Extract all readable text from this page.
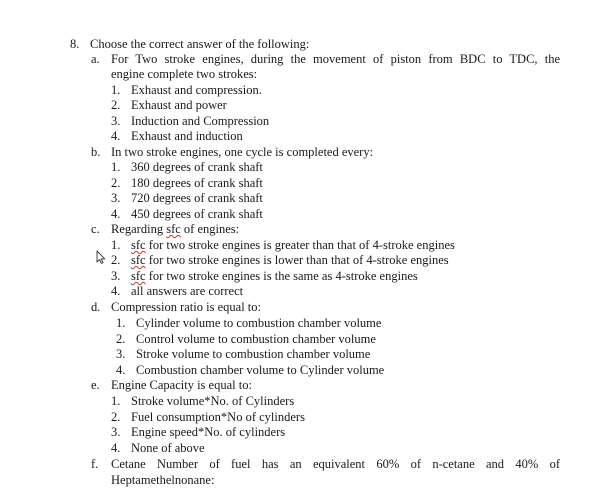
8. Choose the correct answer of the following:
a. For Two stroke engines, during the movement of piston from BDC to TDC, the
engine complete two strokes:
1. Exhaust and compression.
2. Exhaust and power
3. Induction and Compression
4. Exhaust and induction
b. In two stroke engines, one cycle is completed every:
1. 360 degrees of crank shaft
2. 180 degrees of crank shaft
3. 720 degrees of crank shaft
4. 450 degrees of crank shaft
c. Regarding sfc of engines:
1. sfc for two stroke engines is greater than that of 4-stroke engines
2. sfc for two stroke engines is lower than that of 4-stroke engines
3. sfc for two stroke engines is the same as 4-stroke engines
4. all answers are correct
d. Compression ratio is equal to:
1. Cylinder volume to combustion chamber volume
2. Control volume to combustion chamber volume
3. Stroke volume to combustion chamber volume
4. Combustion chamber volume to Cylinder volume
e. Engine Capacity is equal to:
1. Stroke volume*No. of Cylinders
2. Fuel consumption*No of cylinders
3. Engine speed*No. of cylinders
4. None of above
f. Cetane Number of fuel has an equivalent 60% of n-cetane and 40% of
Heptamethelnonane:
